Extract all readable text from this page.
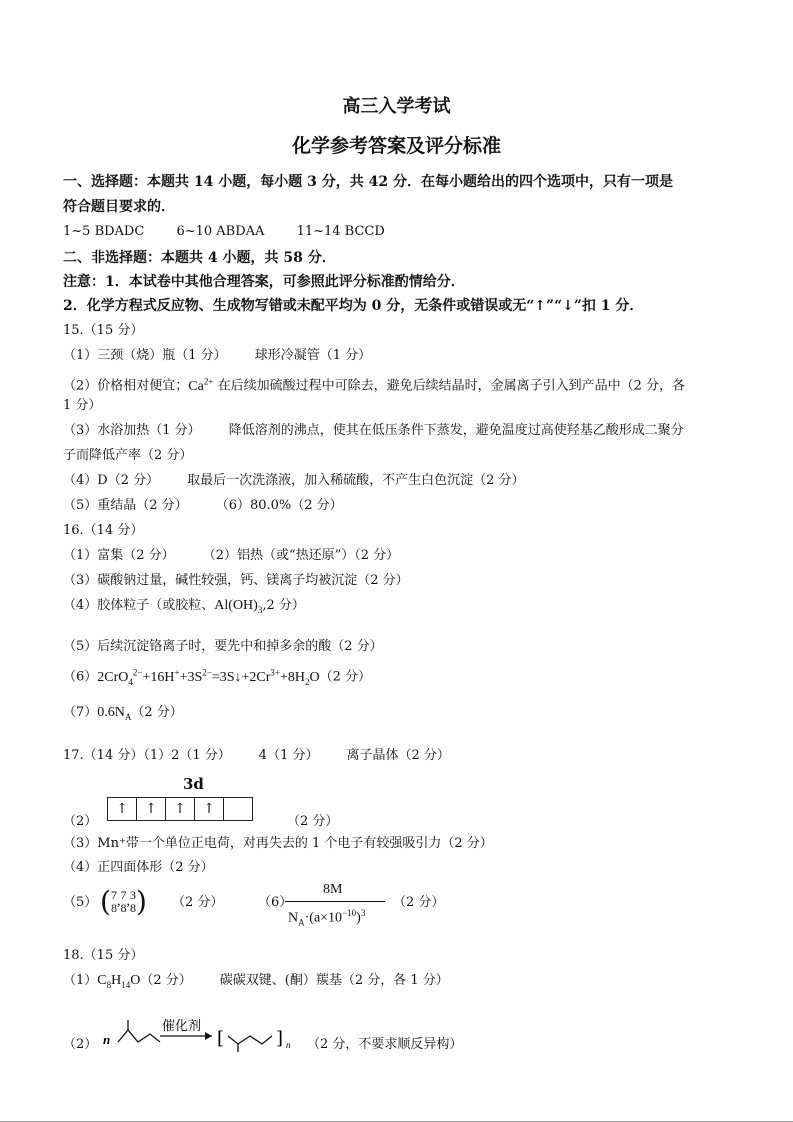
高三入学考试
化学参考答案及评分标准
一、选择题：本题共 14 小题，每小题 3 分，共 42 分．在每小题给出的四个选项中，只有一项是
符合题目要求的．
1~5 BDADC 6~10 ABDAA 11~14 BCCD
二、非选择题：本题共 4 小题，共 58 分．
注意：1．本试卷中其他合理答案，可参照此评分标准酌情给分．
2．化学方程式反应物、生成物写错或未配平均为 0 分，无条件或错误或无“↑”“↓”扣 1 分．
15.（15 分）
（1）三颈（烧）瓶（1 分） 球形冷凝管（1 分）
（2）价格相对便宜；$Ca^{2+}$ 在后续加硫酸过程中可除去，避免后续结晶时，金属离子引入到产品中（2 分，各
1 分）
（3）水浴加热（1 分） 降低溶剂的沸点，使其在低压条件下蒸发，避免温度过高使羟基乙酸形成二聚分
子而降低产率（2 分）
（4）D（2 分） 取最后一次洗涤液，加入稀硫酸，不产生白色沉淀（2 分）
（5）重结晶（2 分） （6）80.0%（2 分）
16.（14 分）
（1）富集（2 分） （2）铝热（或“热还原”）（2 分）
（3）碳酸钠过量，碱性较强，钙、镁离子均被沉淀（2 分）
（4）胶体粒子（或胶粒、$Al(OH)_3,2$ 分）
（5）后续沉淀铬离子时，要先中和掉多余的酸（2 分）
$(6)2CrO_4^{2-}+16H^++3S^{2-}=3S↓+2Cr^{3+}+8H_2O(2$ 分）
$(7)0.6N_A(2$ 分）
17.（14 分）（1）2（1 分） 4（1 分） 离子晶体（2 分）
3d
↑	↑	↑	↑
（2）	（2 分）
（3）Mn⁺带一个单位正电荷，对再失去的 1 个电子有较强吸引力（2 分）
（4）正四面体形（2 分）
（5） ( 7
8 , 7
8 , 3
8 ) （2 分）	（6）
8M
$N_A\cdot(a\times 10^{-10})^3$
（2 分）
18.（15 分）
$(1)C_8H_{14}O(2$ 分） 碳碳双键、(酮）羰基（2 分，各 1 分）
（2） n
催化剂
[	] n （2 分，不要求顺反异构）
